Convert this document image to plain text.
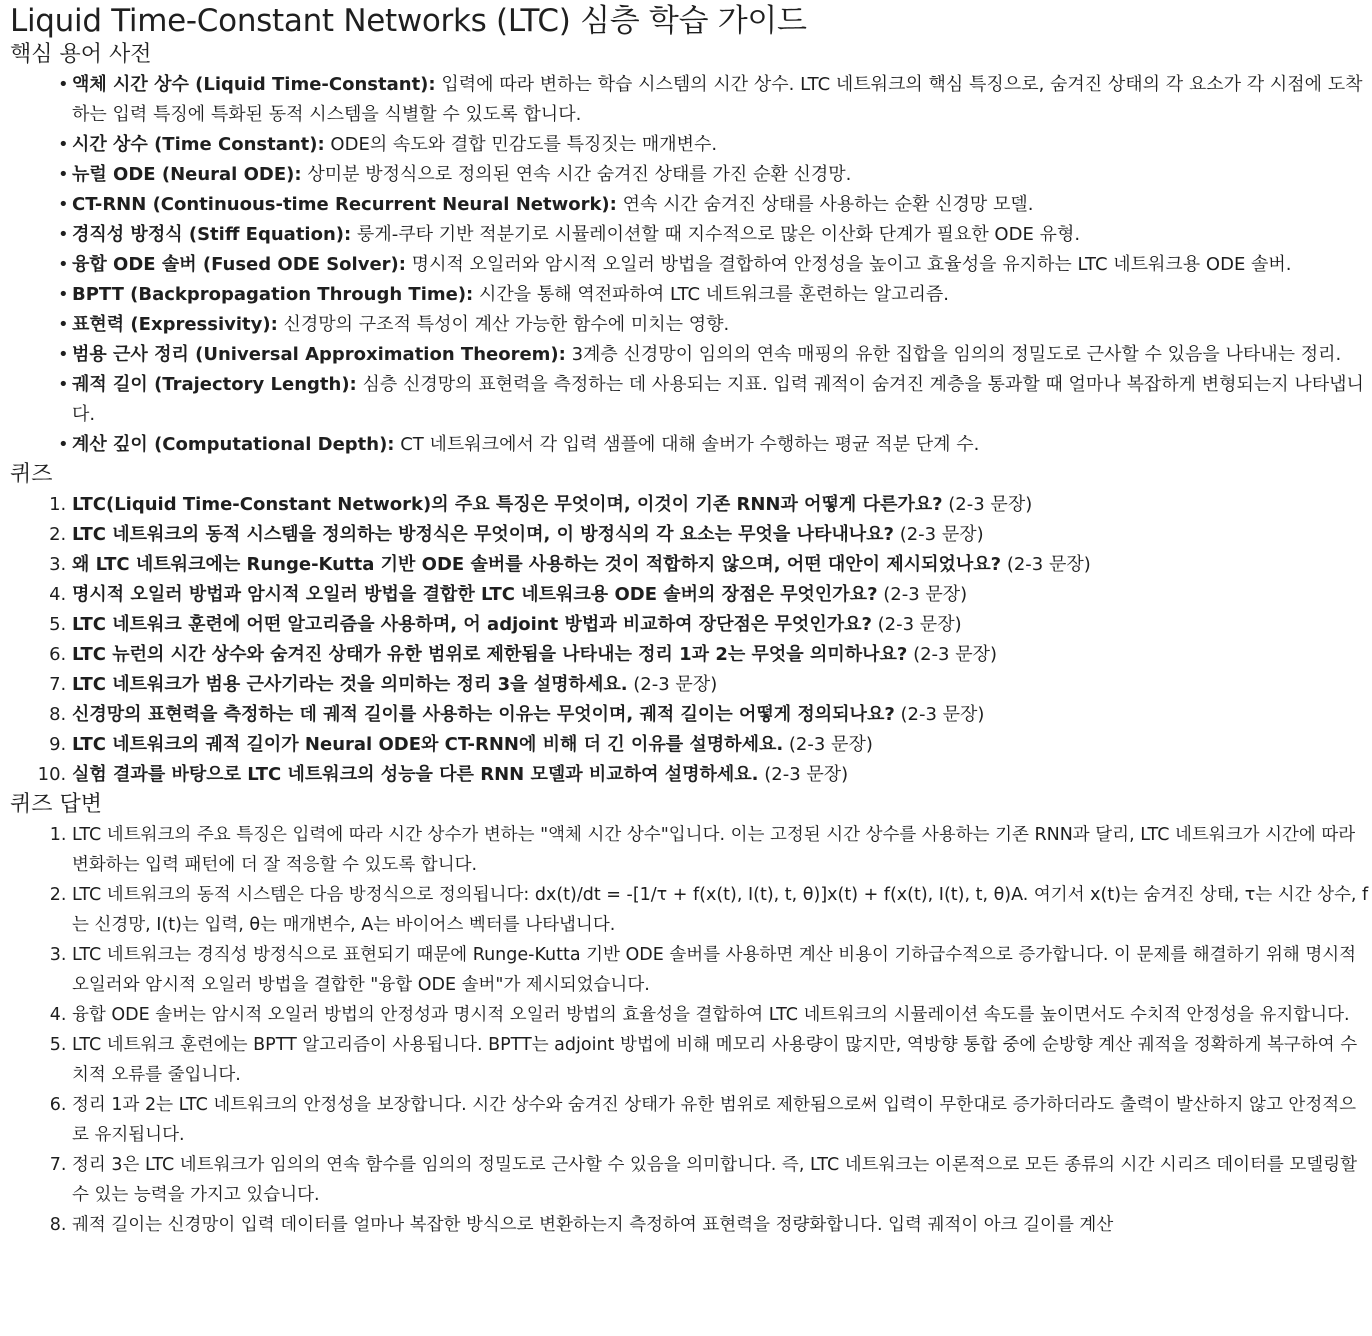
Liquid Time-Constant Networks (LTC) 심층 학습 가이드
핵심 용어 사전
• 액체 시간 상수 (Liquid Time-Constant): 입력에 따라 변하는 학습 시스템의 시간 상수. LTC 네트워크의 핵심 특징으로, 숨겨진 상태의 각 요소가 각 시점에 도착하는 입력 특징에 특화된 동적 시스템을 식별할 수 있도록 합니다.
• 시간 상수 (Time Constant): ODE의 속도와 결합 민감도를 특징짓는 매개변수.
• 뉴럴 ODE (Neural ODE): 상미분 방정식으로 정의된 연속 시간 숨겨진 상태를 가진 순환 신경망.
• CT-RNN (Continuous-time Recurrent Neural Network): 연속 시간 숨겨진 상태를 사용하는 순환 신경망 모델.
• 경직성 방정식 (Stiff Equation): 룽게-쿠타 기반 적분기로 시뮬레이션할 때 지수적으로 많은 이산화 단계가 필요한 ODE 유형.
• 융합 ODE 솔버 (Fused ODE Solver): 명시적 오일러와 암시적 오일러 방법을 결합하여 안정성을 높이고 효율성을 유지하는 LTC 네트워크용 ODE 솔버.
• BPTT (Backpropagation Through Time): 시간을 통해 역전파하여 LTC 네트워크를 훈련하는 알고리즘.
• 표현력 (Expressivity): 신경망의 구조적 특성이 계산 가능한 함수에 미치는 영향.
• 범용 근사 정리 (Universal Approximation Theorem): 3계층 신경망이 임의의 연속 매핑의 유한 집합을 임의의 정밀도로 근사할 수 있음을 나타내는 정리.
• 궤적 길이 (Trajectory Length): 심층 신경망의 표현력을 측정하는 데 사용되는 지표. 입력 궤적이 숨겨진 계층을 통과할 때 얼마나 복잡하게 변형되는지 나타냅니다.
• 계산 깊이 (Computational Depth): CT 네트워크에서 각 입력 샘플에 대해 솔버가 수행하는 평균 적분 단계 수.
퀴즈
1. LTC(Liquid Time-Constant Network)의 주요 특징은 무엇이며, 이것이 기존 RNN과 어떻게 다른가요? (2-3 문장)
2. LTC 네트워크의 동적 시스템을 정의하는 방정식은 무엇이며, 이 방정식의 각 요소는 무엇을 나타내나요? (2-3 문장)
3. 왜 LTC 네트워크에는 Runge-Kutta 기반 ODE 솔버를 사용하는 것이 적합하지 않으며, 어떤 대안이 제시되었나요? (2-3 문장)
4. 명시적 오일러 방법과 암시적 오일러 방법을 결합한 LTC 네트워크용 ODE 솔버의 장점은 무엇인가요? (2-3 문장)
5. LTC 네트워크 훈련에 어떤 알고리즘을 사용하며, 어 adjoint 방법과 비교하여 장단점은 무엇인가요? (2-3 문장)
6. LTC 뉴런의 시간 상수와 숨겨진 상태가 유한 범위로 제한됨을 나타내는 정리 1과 2는 무엇을 의미하나요? (2-3 문장)
7. LTC 네트워크가 범용 근사기라는 것을 의미하는 정리 3을 설명하세요. (2-3 문장)
8. 신경망의 표현력을 측정하는 데 궤적 길이를 사용하는 이유는 무엇이며, 궤적 길이는 어떻게 정의되나요? (2-3 문장)
9. LTC 네트워크의 궤적 길이가 Neural ODE와 CT-RNN에 비해 더 긴 이유를 설명하세요. (2-3 문장)
10. 실험 결과를 바탕으로 LTC 네트워크의 성능을 다른 RNN 모델과 비교하여 설명하세요. (2-3 문장)
퀴즈 답변
1. LTC 네트워크의 주요 특징은 입력에 따라 시간 상수가 변하는 "액체 시간 상수"입니다. 이는 고정된 시간 상수를 사용하는 기존 RNN과 달리, LTC 네트워크가 시간에 따라 변화하는 입력 패턴에 더 잘 적응할 수 있도록 합니다.
2. LTC 네트워크의 동적 시스템은 다음 방정식으로 정의됩니다: dx(t)/dt = -[1/τ + f(x(t), I(t), t, θ)]x(t) + f(x(t), I(t), t, θ)A. 여기서 x(t)는 숨겨진 상태, τ는 시간 상수, f는 신경망, I(t)는 입력, θ는 매개변수, A는 바이어스 벡터를 나타냅니다.
3. LTC 네트워크는 경직성 방정식으로 표현되기 때문에 Runge-Kutta 기반 ODE 솔버를 사용하면 계산 비용이 기하급수적으로 증가합니다. 이 문제를 해결하기 위해 명시적 오일러와 암시적 오일러 방법을 결합한 "융합 ODE 솔버"가 제시되었습니다.
4. 융합 ODE 솔버는 암시적 오일러 방법의 안정성과 명시적 오일러 방법의 효율성을 결합하여 LTC 네트워크의 시뮬레이션 속도를 높이면서도 수치적 안정성을 유지합니다.
5. LTC 네트워크 훈련에는 BPTT 알고리즘이 사용됩니다. BPTT는 adjoint 방법에 비해 메모리 사용량이 많지만, 역방향 통합 중에 순방향 계산 궤적을 정확하게 복구하여 수치적 오류를 줄입니다.
6. 정리 1과 2는 LTC 네트워크의 안정성을 보장합니다. 시간 상수와 숨겨진 상태가 유한 범위로 제한됨으로써 입력이 무한대로 증가하더라도 출력이 발산하지 않고 안정적으로 유지됩니다.
7. 정리 3은 LTC 네트워크가 임의의 연속 함수를 임의의 정밀도로 근사할 수 있음을 의미합니다. 즉, LTC 네트워크는 이론적으로 모든 종류의 시간 시리즈 데이터를 모델링할 수 있는 능력을 가지고 있습니다.
8. 궤적 길이는 신경망이 입력 데이터를 얼마나 복잡한 방식으로 변환하는지 측정하여 표현력을 정량화합니다. 입력 궤적이 아크 길이를 계산
